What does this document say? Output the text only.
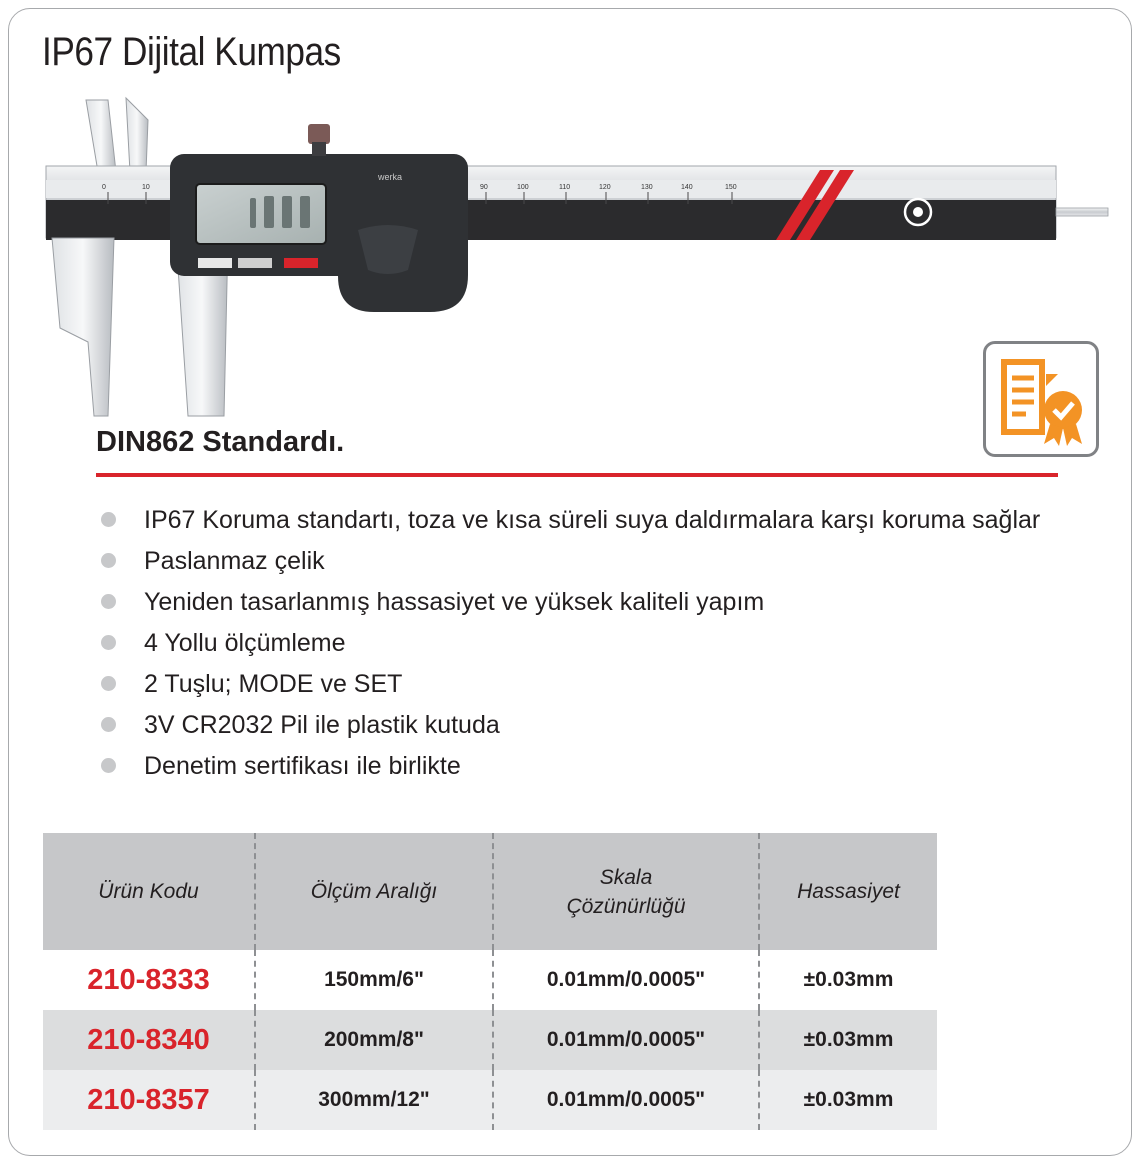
IP67 Dijital Kumpas
0	10	90	100	110	120	130	140	150
werka
DIN862 Standardı.
IP67 Koruma standartı, toza ve kısa süreli suya daldırmalara karşı koruma sağlar
Paslanmaz çelik
Yeniden tasarlanmış hassasiyet ve yüksek kaliteli yapım
4 Yollu ölçümleme
2 Tuşlu; MODE ve SET
3V CR2032 Pil ile plastik kutuda
Denetim sertifikası ile birlikte
Ürün Kodu	Ölçüm Aralığı	Skala Çözünürlüğü	Hassasiyet
210-8333	150mm/6"	0.01mm/0.0005"	±0.03mm
210-8340	200mm/8"	0.01mm/0.0005"	±0.03mm
210-8357	300mm/12"	0.01mm/0.0005"	±0.03mm
